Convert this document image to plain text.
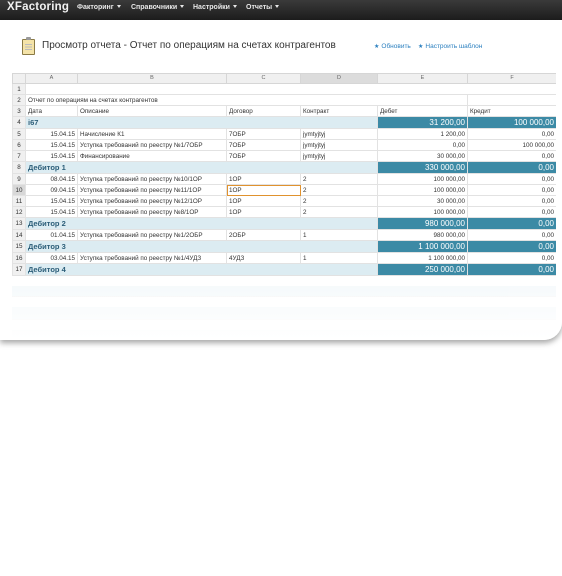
XFactoring Факторинг	Справочники	Настройки	Отчеты
Просмотр отчета - Отчет по операциям на счетах контрагентов	★ Обновить ★ Настроить шаблон
	A	B	C	D	E	F	
1							
2	Отчет по операциям на счетах контрагентов						
3	Дата	Описание	Договор	Контракт	Дебет	Кредит	
4	i67				31 200,00	100 000,00	
5	15.04.15	Начисление К1	7ОБР	jymtyjtyj	1 200,00	0,00	
6	15.04.15	Уступка требований по реестру №1/7ОБР	7ОБР	jymtyjtyj	0,00	100 000,00	
7	15.04.15	Финансирование	7ОБР	jymtyjtyj	30 000,00	0,00	
8	Дебитор 1				330 000,00	0,00	
9	08.04.15	Уступка требований по реестру №10/1ОР	1ОР	2	100 000,00	0,00	
10	09.04.15	Уступка требований по реестру №11/1ОР	1ОР	2	100 000,00	0,00	
11	15.04.15	Уступка требований по реестру №12/1ОР	1ОР	2	30 000,00	0,00	
12	15.04.15	Уступка требований по реестру №8/1ОР	1ОР	2	100 000,00	0,00	
13	Дебитор 2				980 000,00	0,00	
14	01.04.15	Уступка требований по реестру №1/2ОБР	2ОБР	1	980 000,00	0,00	
15	Дебитор 3				1 100 000,00	0,00	
16	03.04.15	Уступка требований по реестру №1/4УДЗ	4УДЗ	1	1 100 000,00	0,00	
17	Дебитор 4				250 000,00	0,00	
